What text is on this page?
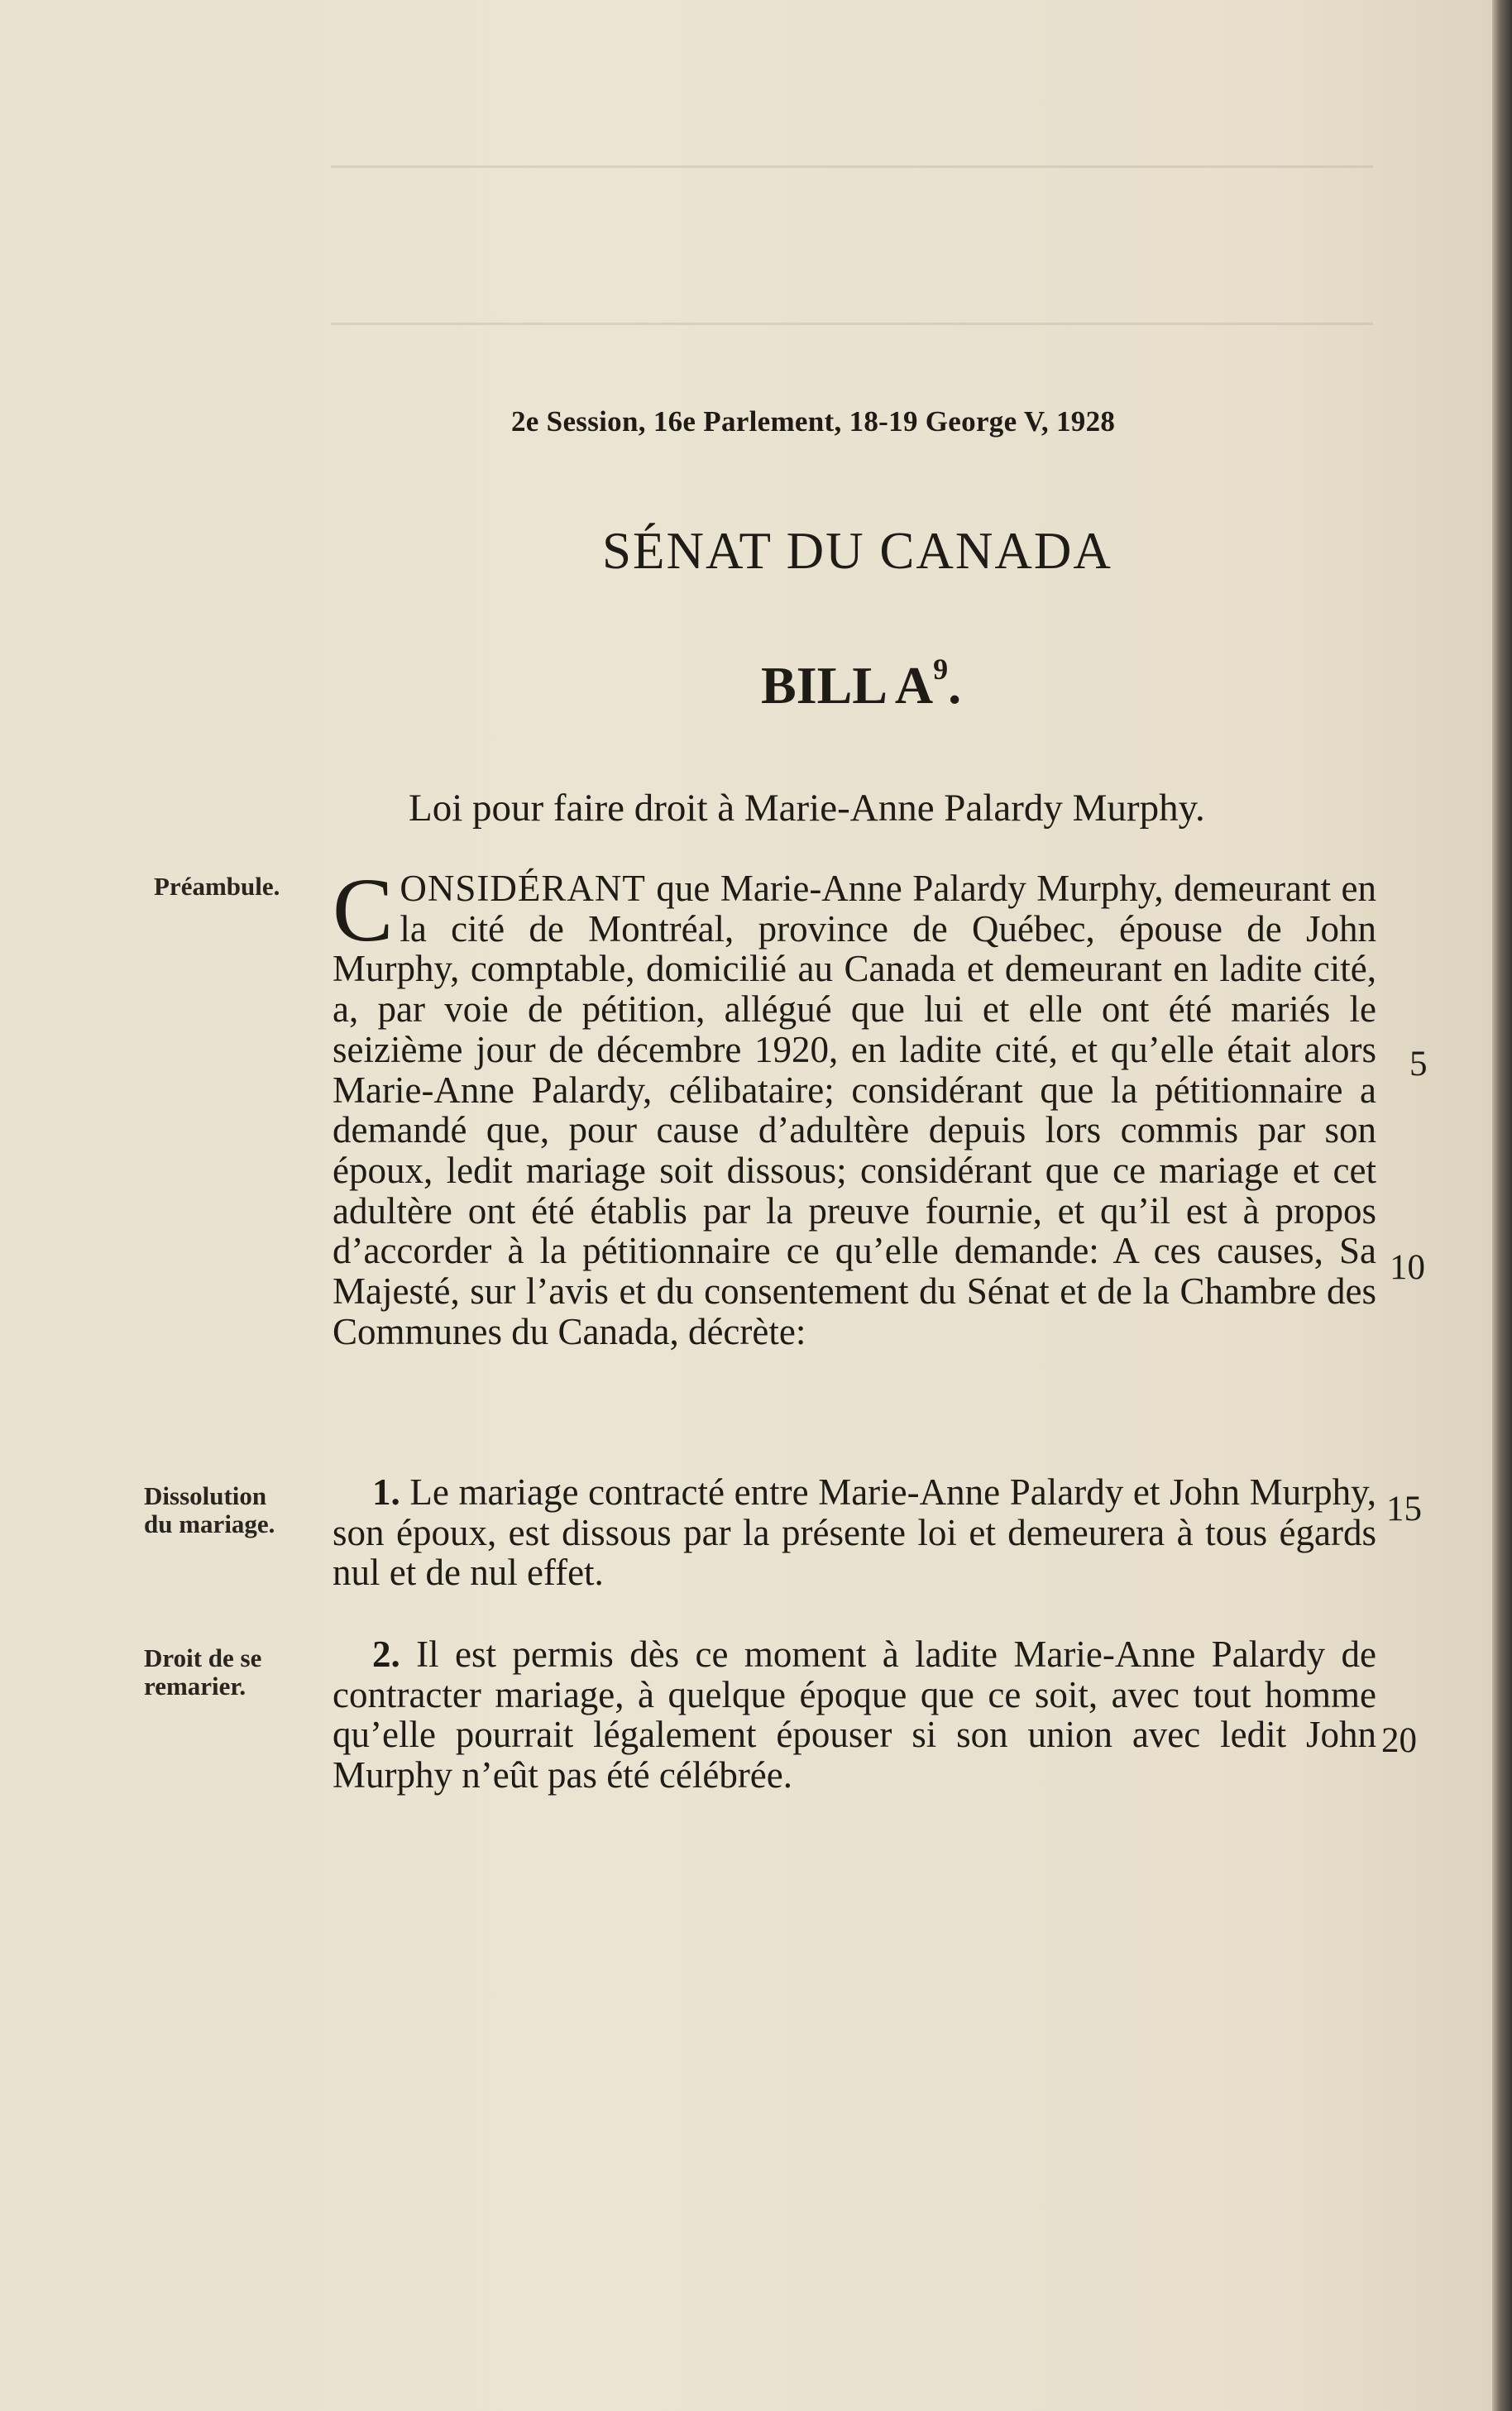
2e Session, 16e Parlement, 18-19 George V, 1928
SÉNAT DU CANADA
BILL $A^9$.
Loi pour faire droit à Marie-Anne Palardy Murphy.
Préambule.
Dissolution
du mariage.
Droit de se
remarier.
CONSIDÉRANT que Marie-Anne Palardy Murphy, demeurant en la cité de Montréal, province de Québec, épouse de John Murphy, comptable, domicilié au Canada et demeurant en ladite cité, a, par voie de pétition, allégué que lui et elle ont été mariés le seizième jour de décembre 1920, en ladite cité, et qu’elle était alors Marie-Anne Palardy, célibataire; considérant que la pétitionnaire a demandé que, pour cause d’adultère depuis lors commis par son époux, ledit mariage soit dissous; considérant que ce mariage et cet adultère ont été établis par la preuve fournie, et qu’il est à propos d’accorder à la pétitionnaire ce qu’elle demande: A ces causes, Sa Majesté, sur l’avis et du consentement du Sénat et de la Chambre des Communes du Canada, décrète:
1. Le mariage contracté entre Marie-Anne Palardy et John Murphy, son époux, est dissous par la présente loi et demeurera à tous égards nul et de nul effet.
2. Il est permis dès ce moment à ladite Marie-Anne Palardy de contracter mariage, à quelque époque que ce soit, avec tout homme qu’elle pourrait légalement épouser si son union avec ledit John Murphy n’eût pas été célébrée.
5
10
15
20
